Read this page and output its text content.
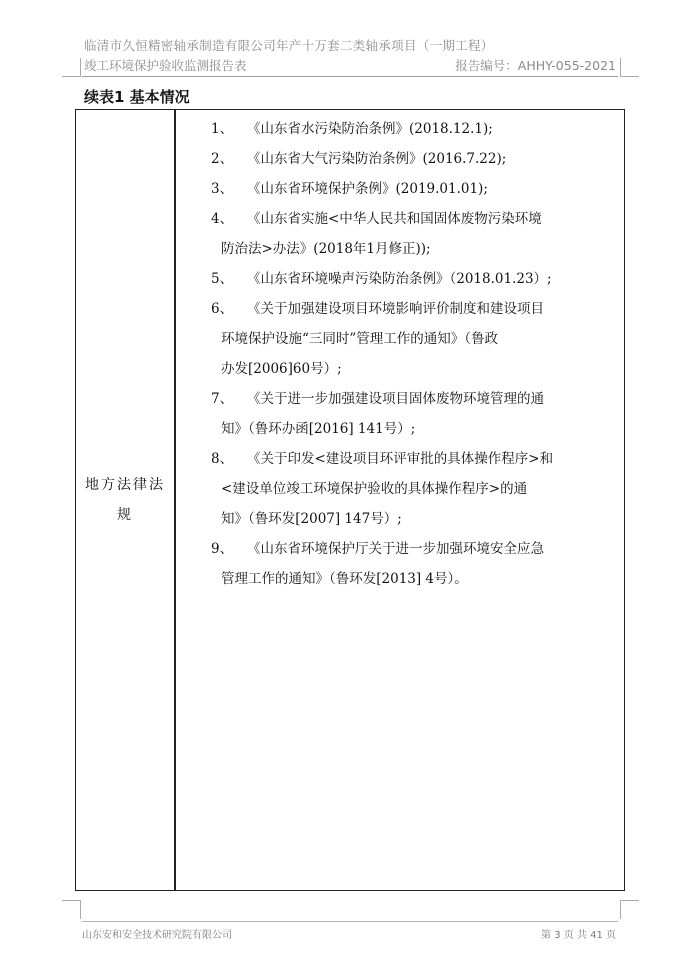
临清市久恒精密轴承制造有限公司年产十万套二类轴承项目（一期工程）
竣工环境保护验收监测报告表	报告编号：AHHY-055-2021
续表1 基本情况
地方法律法规
1、	《山东省水污染防治条例》(2018.12.1);
2、	《山东省大气污染防治条例》(2016.7.22);
3、	《山东省环境保护条例》(2019.01.01);
4、	《山东省实施<中华人民共和国固体废物污染环境
防治法>办法》(2018年1月修正));
5、	《山东省环境噪声污染防治条例》（2018.01.23）;
6、	《关于加强建设项目环境影响评价制度和建设项目
环境保护设施“三同时”管理工作的通知》（鲁政
办发[2006]60号）;
7、	《关于进一步加强建设项目固体废物环境管理的通
知》（鲁环办函[2016] 141号）;
8、	《关于印发<建设项目环评审批的具体操作程序>和
<建设单位竣工环境保护验收的具体操作程序>的通
知》（鲁环发[2007] 147号）;
9、	《山东省环境保护厅关于进一步加强环境安全应急
管理工作的通知》（鲁环发[2013] 4号）。
山东安和安全技术研究院有限公司	第 3 页 共 41 页
